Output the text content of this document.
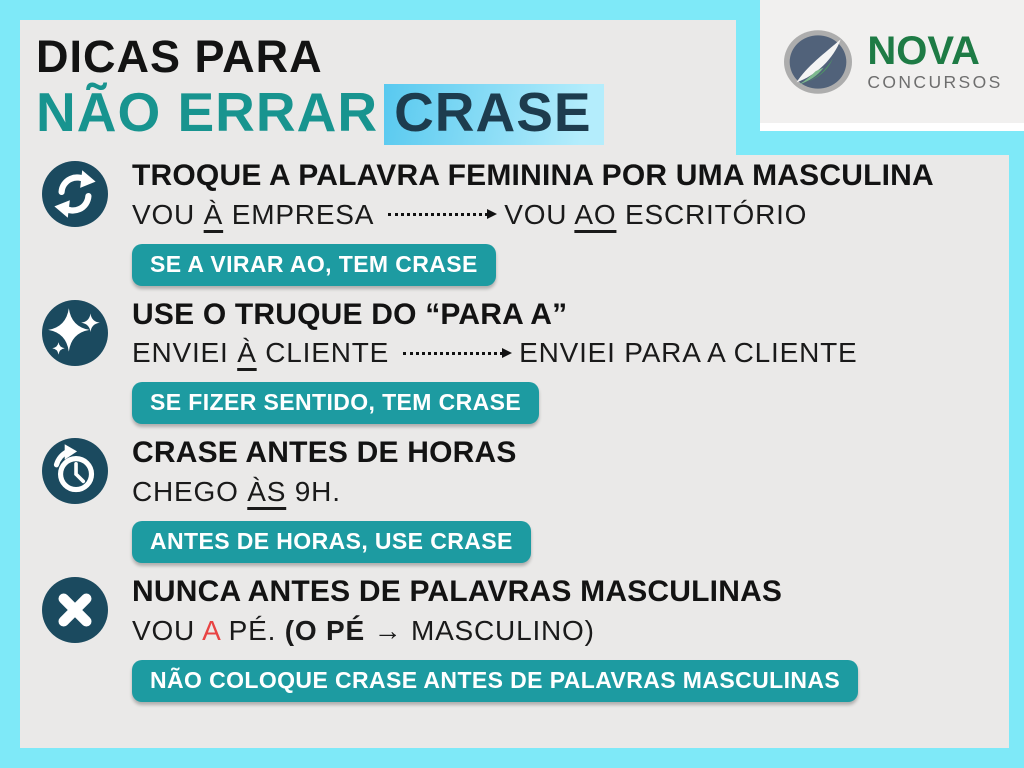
DICAS PARA
NÃO ERRAR CRASE
TROQUE A PALAVRA FEMININA POR UMA MASCULINA
VOU À EMPRESA	VOU AO ESCRITÓRIO
SE A VIRAR AO, TEM CRASE
USE O TRUQUE DO “PARA A”
ENVIEI À CLIENTE	ENVIEI PARA A CLIENTE
SE FIZER SENTIDO, TEM CRASE
CRASE ANTES DE HORAS
CHEGO ÀS 9H.
ANTES DE HORAS, USE CRASE
NUNCA ANTES DE PALAVRAS MASCULINAS
VOU A PÉ. (O PÉ → MASCULINO)
NÃO COLOQUE CRASE ANTES DE PALAVRAS MASCULINAS
NOVA
CONCURSOS
